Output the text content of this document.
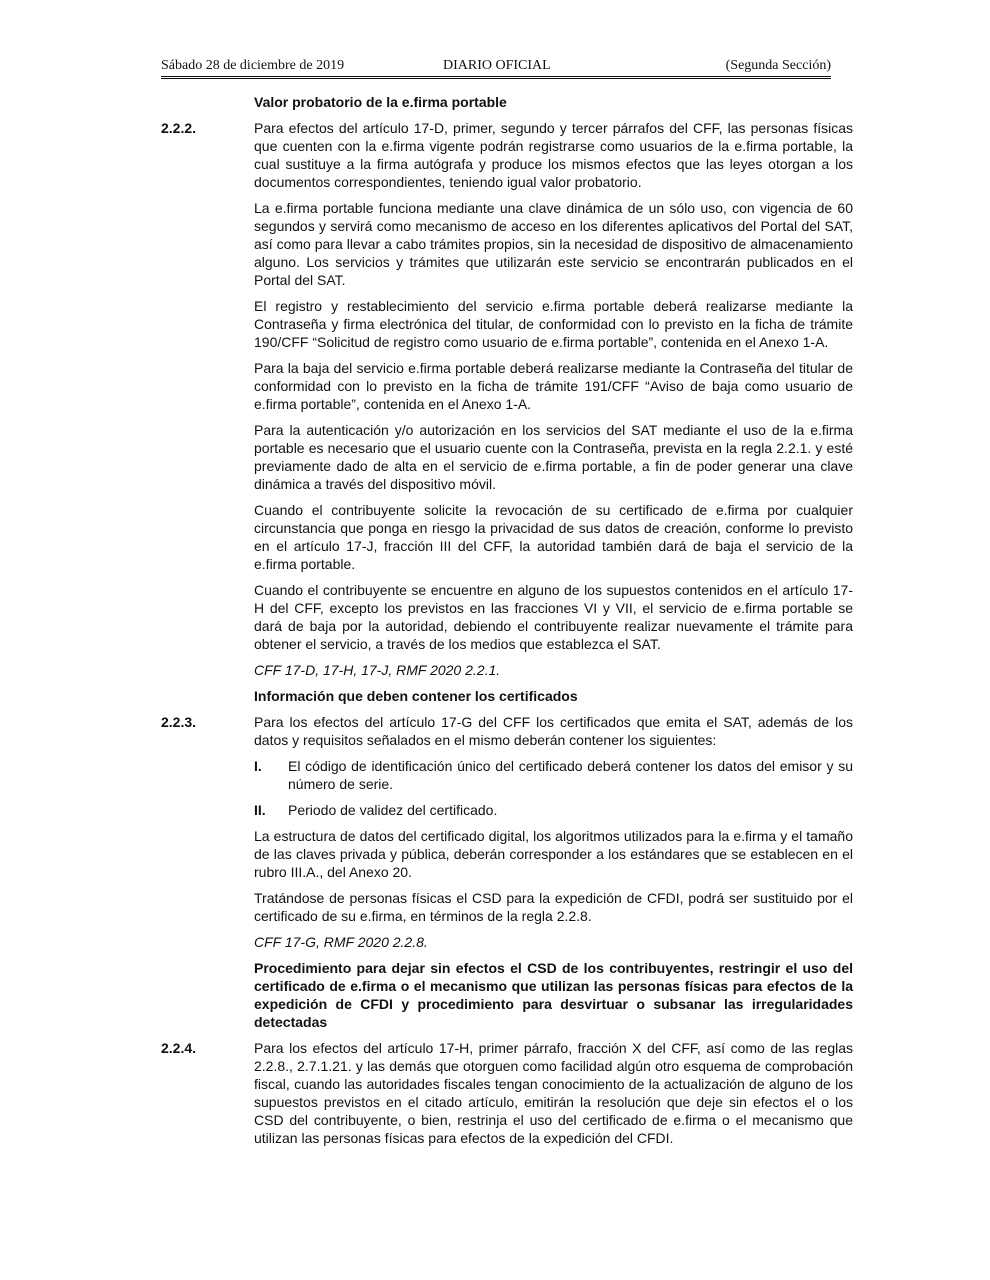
Sábado 28 de diciembre de 2019	DIARIO OFICIAL	(Segunda Sección)

Valor probatorio de la e.firma portable

2.2.2.	Para efectos del artículo 17-D, primer, segundo y tercer párrafos del CFF, las personas físicas que cuenten con la e.firma vigente podrán registrarse como usuarios de la e.firma portable, la cual sustituye a la firma autógrafa y produce los mismos efectos que las leyes otorgan a los documentos correspondientes, teniendo igual valor probatorio.

La e.firma portable funciona mediante una clave dinámica de un sólo uso, con vigencia de 60 segundos y servirá como mecanismo de acceso en los diferentes aplicativos del Portal del SAT, así como para llevar a cabo trámites propios, sin la necesidad de dispositivo de almacenamiento alguno. Los servicios y trámites que utilizarán este servicio se encontrarán publicados en el Portal del SAT.

El registro y restablecimiento del servicio e.firma portable deberá realizarse mediante la Contraseña y firma electrónica del titular, de conformidad con lo previsto en la ficha de trámite 190/CFF “Solicitud de registro como usuario de e.firma portable”, contenida en el Anexo 1-A.

Para la baja del servicio e.firma portable deberá realizarse mediante la Contraseña del titular de conformidad con lo previsto en la ficha de trámite 191/CFF “Aviso de baja como usuario de e.firma portable”, contenida en el Anexo 1-A.

Para la autenticación y/o autorización en los servicios del SAT mediante el uso de la e.firma portable es necesario que el usuario cuente con la Contraseña, prevista en la regla 2.2.1. y esté previamente dado de alta en el servicio de e.firma portable, a fin de poder generar una clave dinámica a través del dispositivo móvil.

Cuando el contribuyente solicite la revocación de su certificado de e.firma por cualquier circunstancia que ponga en riesgo la privacidad de sus datos de creación, conforme lo previsto en el artículo 17-J, fracción III del CFF, la autoridad también dará de baja el servicio de la e.firma portable.

Cuando el contribuyente se encuentre en alguno de los supuestos contenidos en el artículo 17-H del CFF, excepto los previstos en las fracciones VI y VII, el servicio de e.firma portable se dará de baja por la autoridad, debiendo el contribuyente realizar nuevamente el trámite para obtener el servicio, a través de los medios que establezca el SAT.

CFF 17-D, 17-H, 17-J, RMF 2020 2.2.1.

Información que deben contener los certificados

2.2.3.	Para los efectos del artículo 17-G del CFF los certificados que emita el SAT, además de los datos y requisitos señalados en el mismo deberán contener los siguientes:

I. El código de identificación único del certificado deberá contener los datos del emisor y su número de serie.
II. Periodo de validez del certificado.

La estructura de datos del certificado digital, los algoritmos utilizados para la e.firma y el tamaño de las claves privada y pública, deberán corresponder a los estándares que se establecen en el rubro III.A., del Anexo 20.

Tratándose de personas físicas el CSD para la expedición de CFDI, podrá ser sustituido por el certificado de su e.firma, en términos de la regla 2.2.8.

CFF 17-G, RMF 2020 2.2.8.

Procedimiento para dejar sin efectos el CSD de los contribuyentes, restringir el uso del certificado de e.firma o el mecanismo que utilizan las personas físicas para efectos de la expedición de CFDI y procedimiento para desvirtuar o subsanar las irregularidades detectadas

2.2.4.	Para los efectos del artículo 17-H, primer párrafo, fracción X del CFF, así como de las reglas 2.2.8., 2.7.1.21. y las demás que otorguen como facilidad algún otro esquema de comprobación fiscal, cuando las autoridades fiscales tengan conocimiento de la actualización de alguno de los supuestos previstos en el citado artículo, emitirán la resolución que deje sin efectos el o los CSD del contribuyente, o bien, restrinja el uso del certificado de e.firma o el mecanismo que utilizan las personas físicas para efectos de la expedición del CFDI.
